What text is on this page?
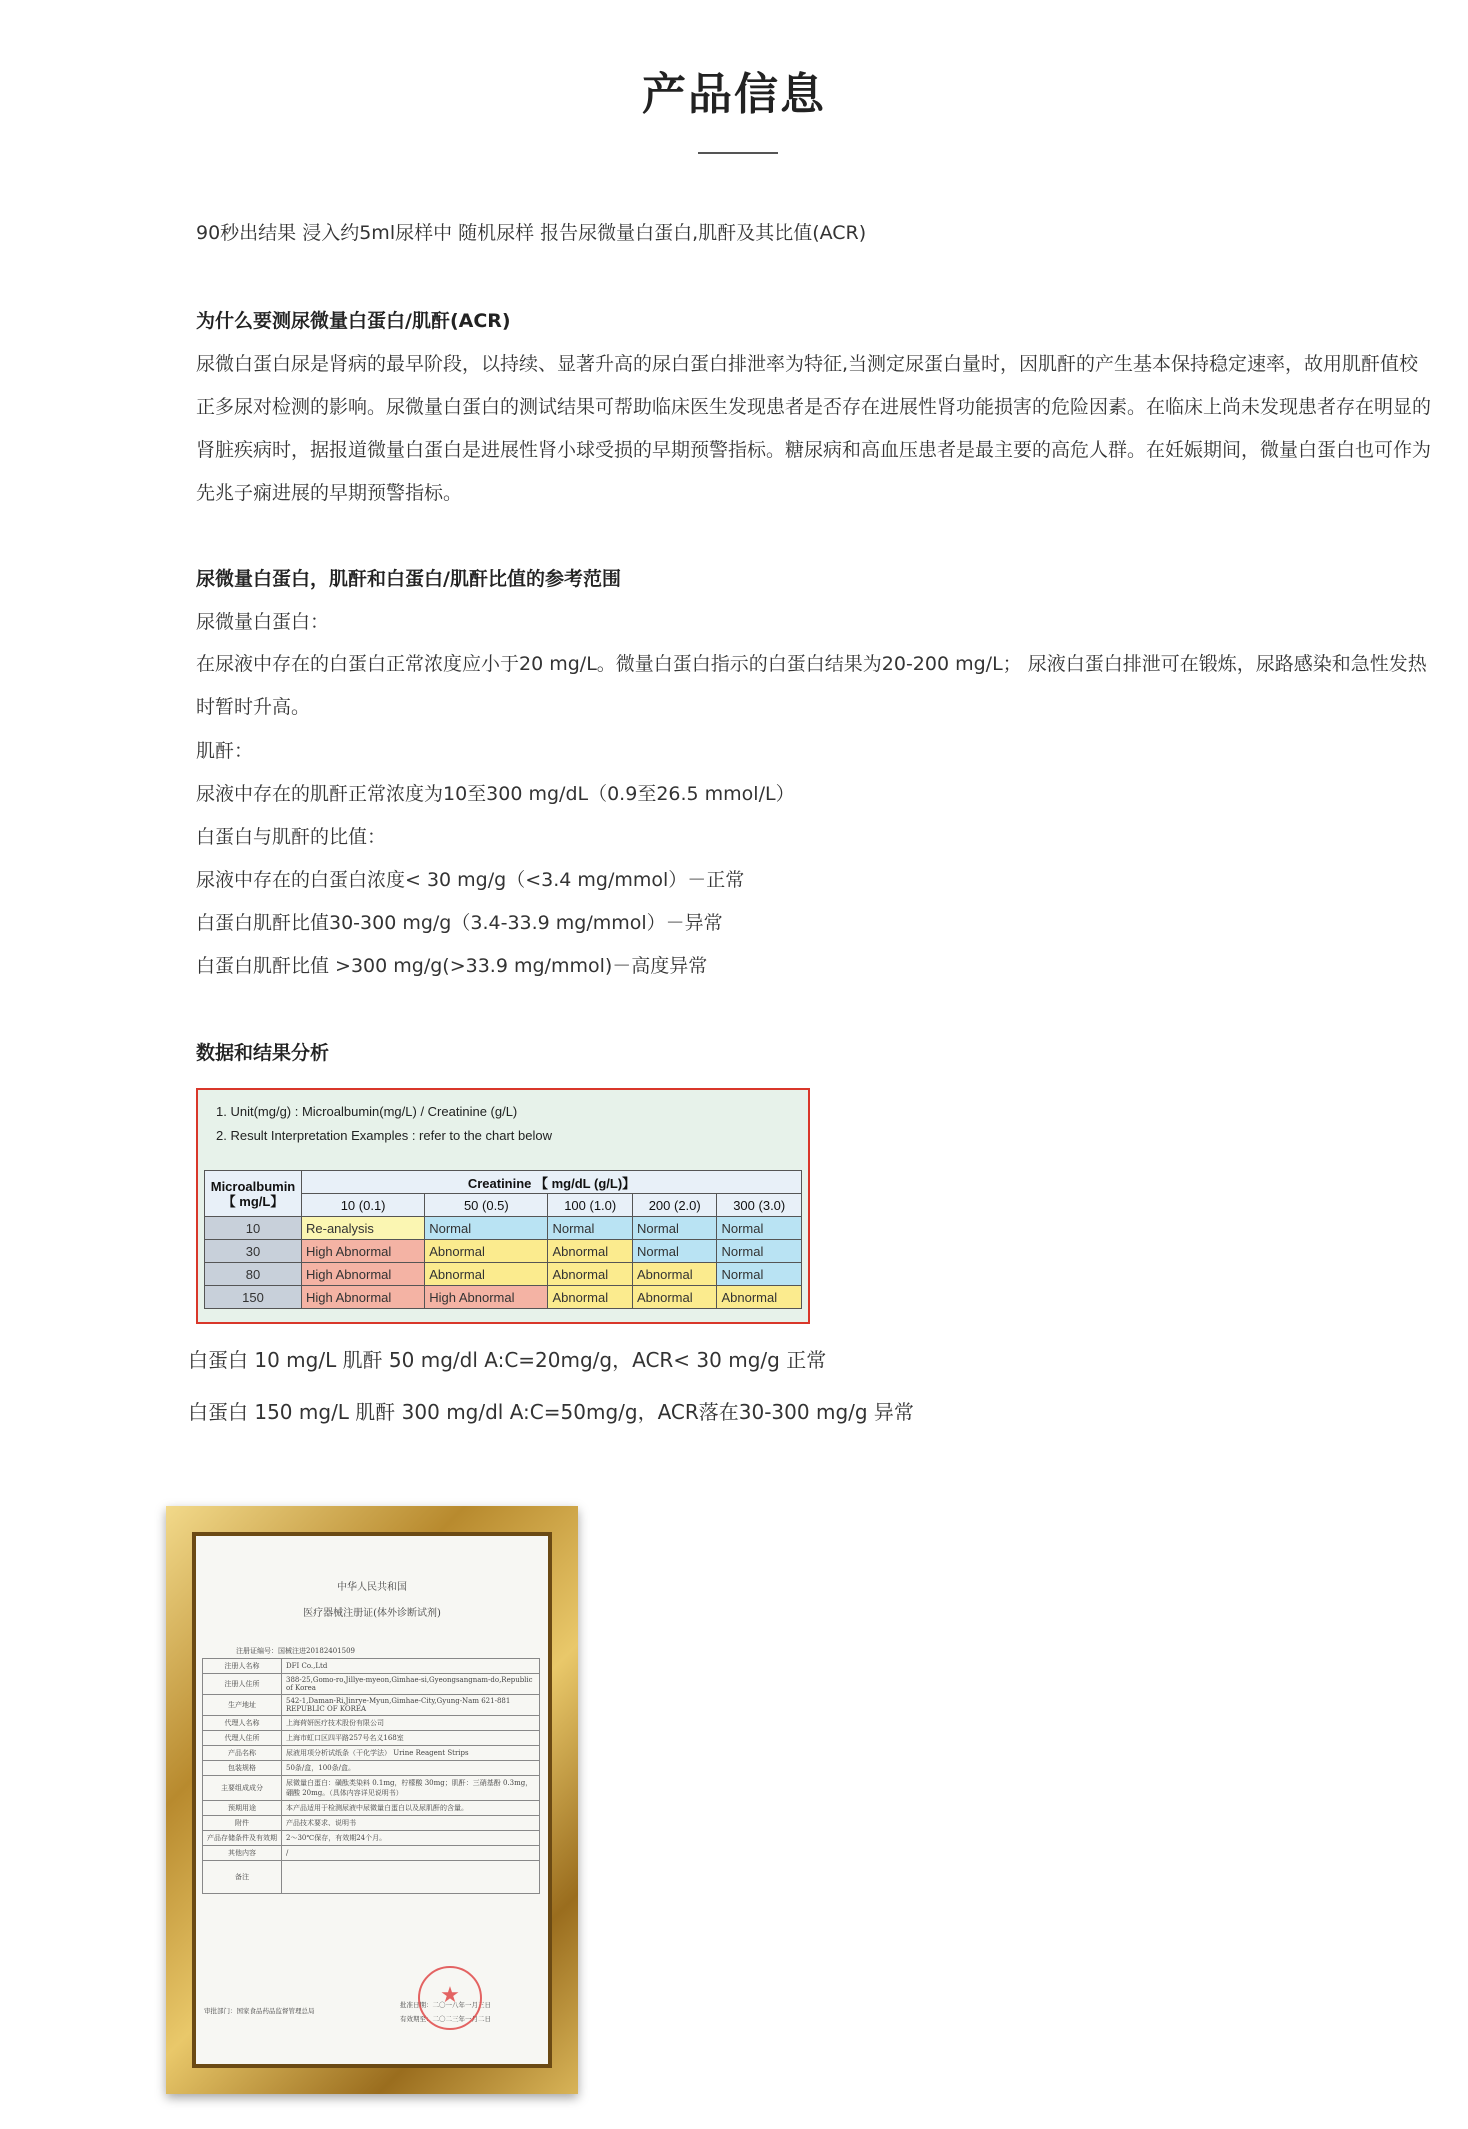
产品信息

90秒出结果 浸入约5ml尿样中 随机尿样 报告尿微量白蛋白,肌酐及其比值(ACR)

为什么要测尿微量白蛋白/肌酐(ACR)

尿微白蛋白尿是肾病的最早阶段，以持续、显著升高的尿白蛋白排泄率为特征,当测定尿蛋白量时，因肌酐的产生基本保持稳定速率，故用肌酐值校正多尿对检测的影响。尿微量白蛋白的测试结果可帮助临床医生发现患者是否存在进展性肾功能损害的危险因素。在临床上尚未发现患者存在明显的肾脏疾病时，据报道微量白蛋白是进展性肾小球受损的早期预警指标。糖尿病和高血压患者是最主要的高危人群。在妊娠期间，微量白蛋白也可作为先兆子痫进展的早期预警指标。

尿微量白蛋白，肌酐和白蛋白/肌酐比值的参考范围

尿微量白蛋白：

在尿液中存在的白蛋白正常浓度应小于20 mg/L。微量白蛋白指示的白蛋白结果为20-200 mg/L； 尿液白蛋白排泄可在锻炼，尿路感染和急性发热时暂时升高。

肌酐：

尿液中存在的肌酐正常浓度为10至300 mg/dL（0.9至26.5 mmol/L）

白蛋白与肌酐的比值：

尿液中存在的白蛋白浓度< 30 mg/g（<3.4 mg/mmol）－正常

白蛋白肌酐比值30-300 mg/g（3.4-33.9 mg/mmol）－异常

白蛋白肌酐比值 >300 mg/g(>33.9 mg/mmol)－高度异常

数据和结果分析

1. Unit(mg/g) : Microalbumin(mg/L) / Creatinine (g/L)
2. Result Interpretation Examples : refer to the chart below
Microalbumin
【 mg/L】	Creatinine 【 mg/dL (g/L)】				
	10 (0.1)	50 (0.5)	100 (1.0)	200 (2.0)	300 (3.0)
10	Re-analysis	Normal	Normal	Normal	Normal
30	High Abnormal	Abnormal	Abnormal	Normal	Normal
80	High Abnormal	Abnormal	Abnormal	Abnormal	Normal
150	High Abnormal	High Abnormal	Abnormal	Abnormal	Abnormal

白蛋白 10 mg/L 肌酐 50 mg/dl A:C=20mg/g，ACR< 30 mg/g 正常

白蛋白 150 mg/L 肌酐 300 mg/dl A:C=50mg/g，ACR落在30-300 mg/g 异常

中华人民共和国
医疗器械注册证(体外诊断试剂)
注册证编号：国械注进20182401509
注册人名称	DFI Co.,Ltd
注册人住所	388-25,Gomo-ro,Jillye-myeon,Gimhae-si,Gyeongsangnam-do,Republic of Korea
生产地址	542-1,Daman-Ri,Jinrye-Myun,Gimhae-City,Gyung-Nam 621-881 REPUBLIC OF KOREA
代理人名称	上海荷妍医疗技术股份有限公司
代理人住所	上海市虹口区四平路257号名义168室
产品名称	尿液用项分析试纸条（干化学法） Urine Reagent Strips
包装规格	50条/盒，100条/盒。
主要组成成分	尿微量白蛋白：磺酞类染料 0.1mg，柠檬酸 30mg；肌酐：三硝基酚 0.3mg，硼酸 20mg。（具体内容详见说明书）
预期用途	本产品适用于检测尿液中尿微量白蛋白以及尿肌酐的含量。
附件	产品技术要求、说明书
产品存储条件及有效期	2～30℃保存，有效期24个月。
其他内容	/
备注	
审批部门：国家食品药品监督管理总局
批准日期：二〇一八年一月三日
有效期至：二〇二三年一月二日
★
